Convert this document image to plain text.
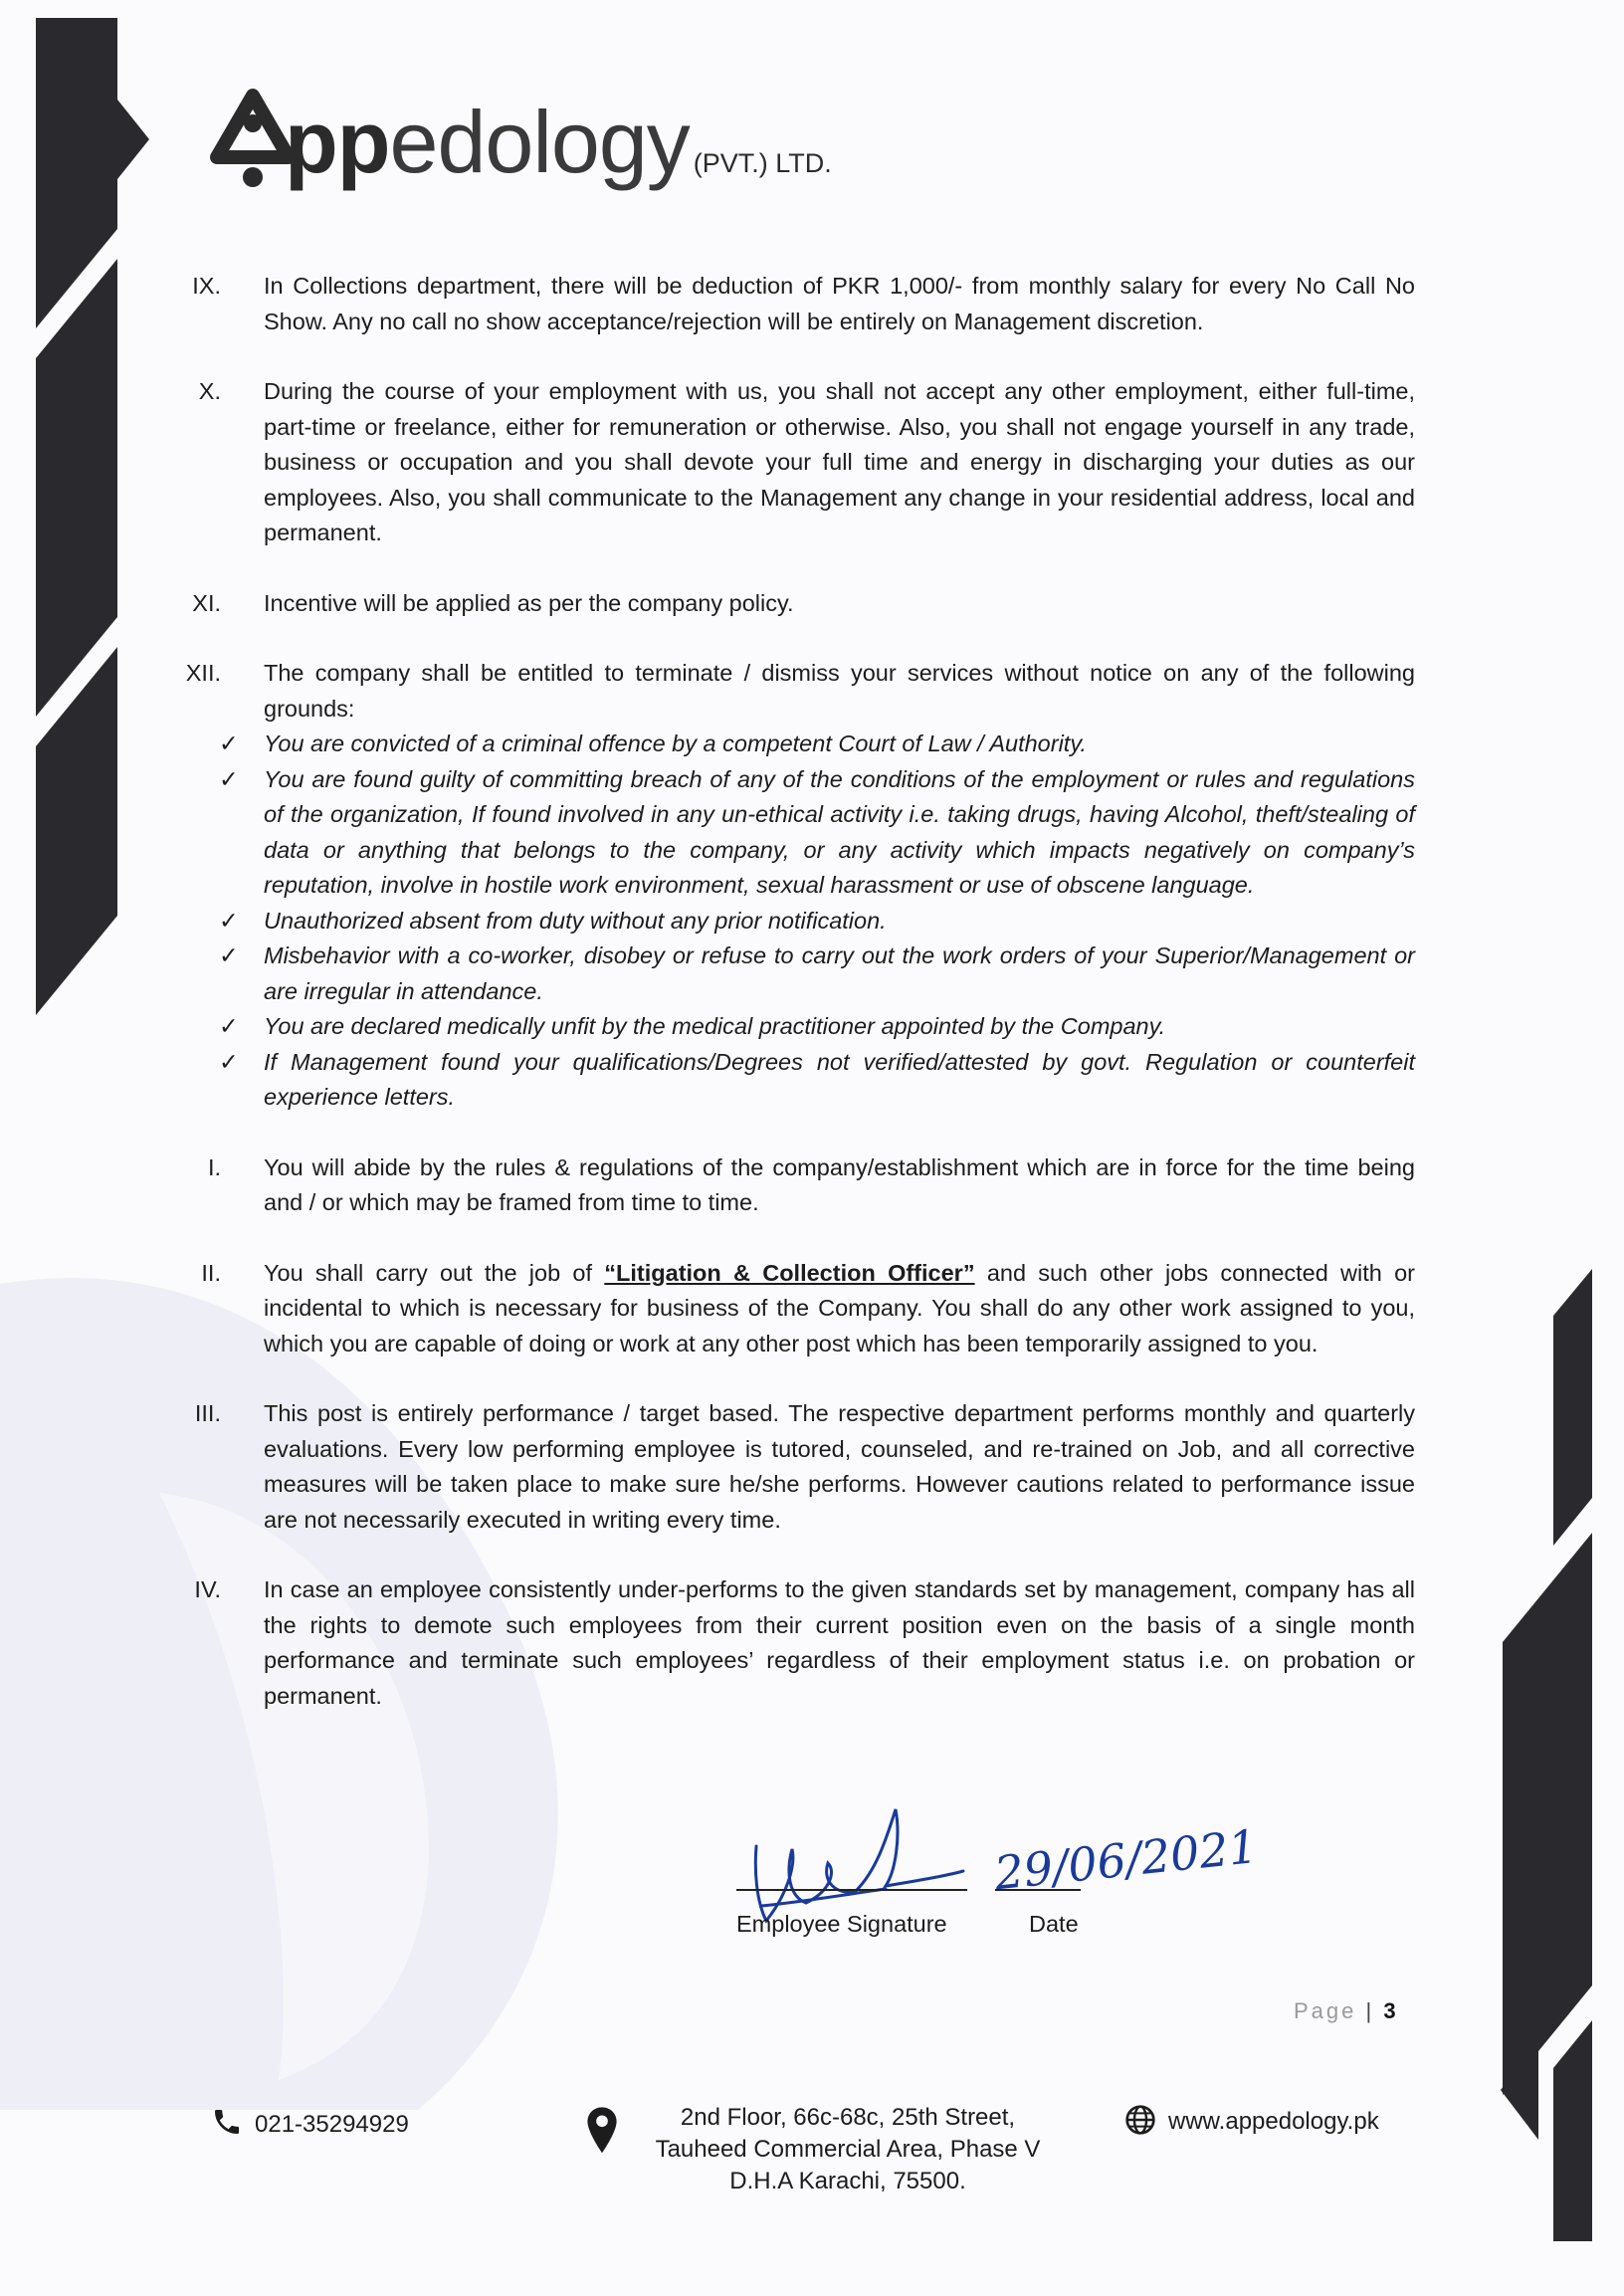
29/06/2021
ppedology (PVT.) LTD.
IX. In Collections department, there will be deduction of PKR 1,000/- from monthly salary for every No Call No Show. Any no call no show acceptance/rejection will be entirely on Management discretion.
X. During the course of your employment with us, you shall not accept any other employment, either full-time, part-time or freelance, either for remuneration or otherwise. Also, you shall not engage yourself in any trade, business or occupation and you shall devote your full time and energy in discharging your duties as our employees. Also, you shall communicate to the Management any change in your residential address, local and permanent.
XI. Incentive will be applied as per the company policy.
XII. The company shall be entitled to terminate / dismiss your services without notice on any of the following grounds:
✓ You are convicted of a criminal offence by a competent Court of Law / Authority.
✓ You are found guilty of committing breach of any of the conditions of the employment or rules and regulations of the organization, If found involved in any un-ethical activity i.e. taking drugs, having Alcohol, theft/stealing of data or anything that belongs to the company, or any activity which impacts negatively on company’s reputation, involve in hostile work environment, sexual harassment or use of obscene language.
✓ Unauthorized absent from duty without any prior notification.
✓ Misbehavior with a co-worker, disobey or refuse to carry out the work orders of your Superior/Management or are irregular in attendance.
✓ You are declared medically unfit by the medical practitioner appointed by the Company.
✓ If Management found your qualifications/Degrees not verified/attested by govt. Regulation or counterfeit experience letters.
I. You will abide by the rules & regulations of the company/establishment which are in force for the time being and / or which may be framed from time to time.
II. You shall carry out the job of “Litigation & Collection Officer” and such other jobs connected with or incidental to which is necessary for business of the Company. You shall do any other work assigned to you, which you are capable of doing or work at any other post which has been temporarily assigned to you.
III. This post is entirely performance / target based. The respective department performs monthly and quarterly evaluations. Every low performing employee is tutored, counseled, and re-trained on Job, and all corrective measures will be taken place to make sure he/she performs. However cautions related to performance issue are not necessarily executed in writing every time.
IV. In case an employee consistently under-performs to the given standards set by management, company has all the rights to demote such employees from their current position even on the basis of a single month performance and terminate such employees’ regardless of their employment status i.e. on probation or permanent.
Employee Signature	Date
Page | 3
021-35294929	2nd Floor, 66c-68c, 25th Street,
Tauheed Commercial Area, Phase V
D.H.A Karachi, 75500.
www.appedology.pk
